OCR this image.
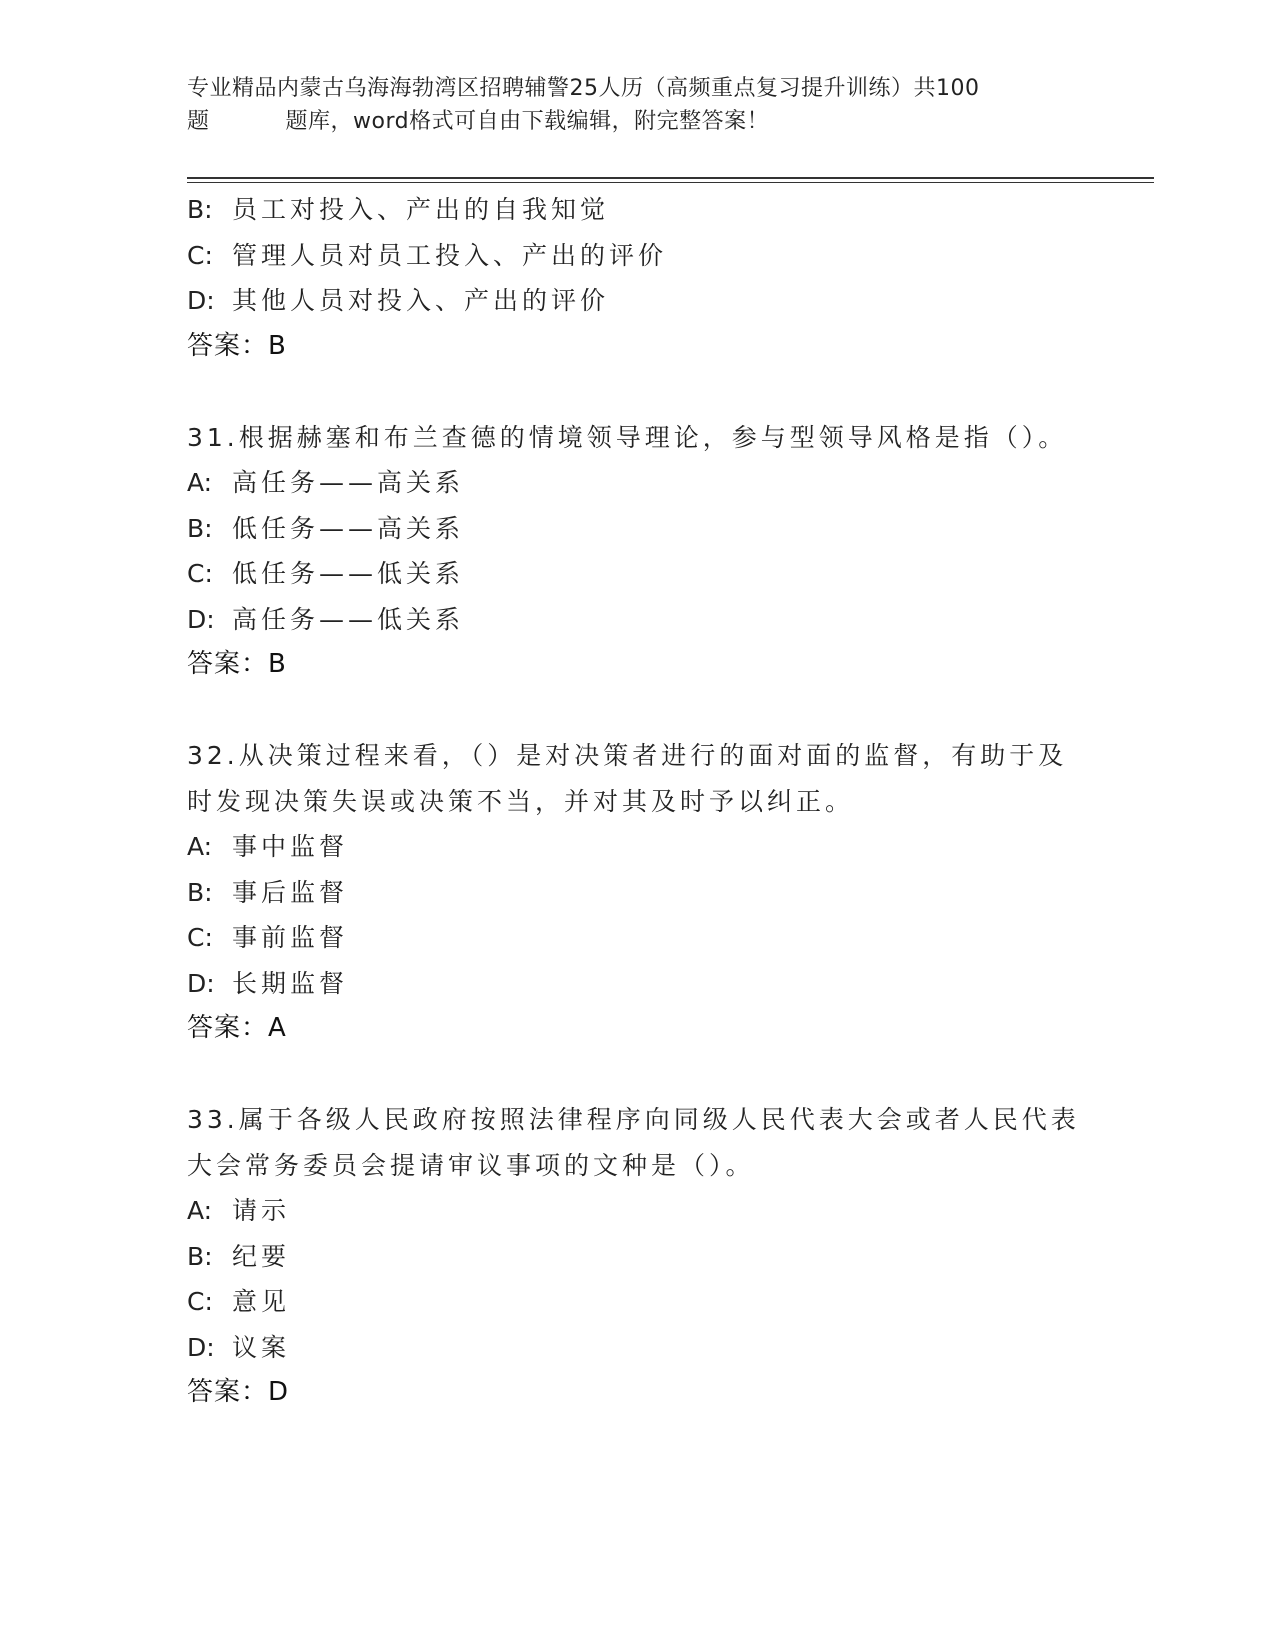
专业精品内蒙古乌海海勃湾区招聘辅警25人历（高频重点复习提升训练）共100
题	题库，word格式可自由下载编辑，附完整答案！
B: 员工对投入、产出的自我知觉
C: 管理人员对员工投入、产出的评价
D: 其他人员对投入、产出的评价
答案：B
31.根据赫塞和布兰查德的情境领导理论，参与型领导风格是指（）。
A: 高任务——高关系
B: 低任务——高关系
C: 低任务——低关系
D: 高任务——低关系
答案：B
32.从决策过程来看，（）是对决策者进行的面对面的监督，有助于及
时发现决策失误或决策不当，并对其及时予以纠正。
A: 事中监督
B: 事后监督
C: 事前监督
D: 长期监督
答案：A
33.属于各级人民政府按照法律程序向同级人民代表大会或者人民代表
大会常务委员会提请审议事项的文种是（）。
A: 请示
B: 纪要
C: 意见
D: 议案
答案：D
